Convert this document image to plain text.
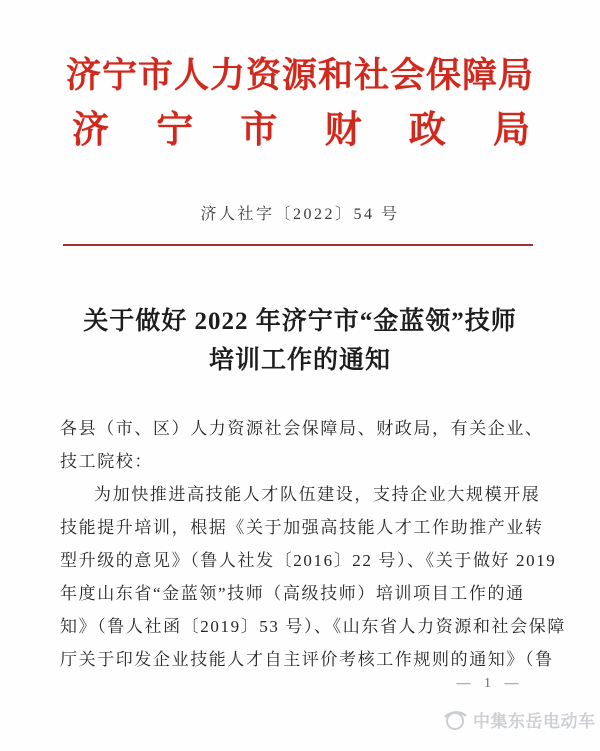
济宁市人力资源和社会保障局
济 宁 市 财 政 局
济人社字〔2022〕54 号
关于做好 2022 年济宁市“金蓝领”技师
培训工作的通知

各县（市、区）人力资源社会保障局、财政局，有关企业、

技工院校：

为加快推进高技能人才队伍建设，支持企业大规模开展

技能提升培训，根据《关于加强高技能人才工作助推产业转

型升级的意见》（鲁人社发〔2016〕22 号）、《关于做好 2019

年度山东省“金蓝领”技师（高级技师）培训项目工作的通

知》（鲁人社函〔2019〕53 号）、《山东省人力资源和社会保障

厅关于印发企业技能人才自主评价考核工作规则的通知》（鲁

— 1 —
中集东岳电动车
